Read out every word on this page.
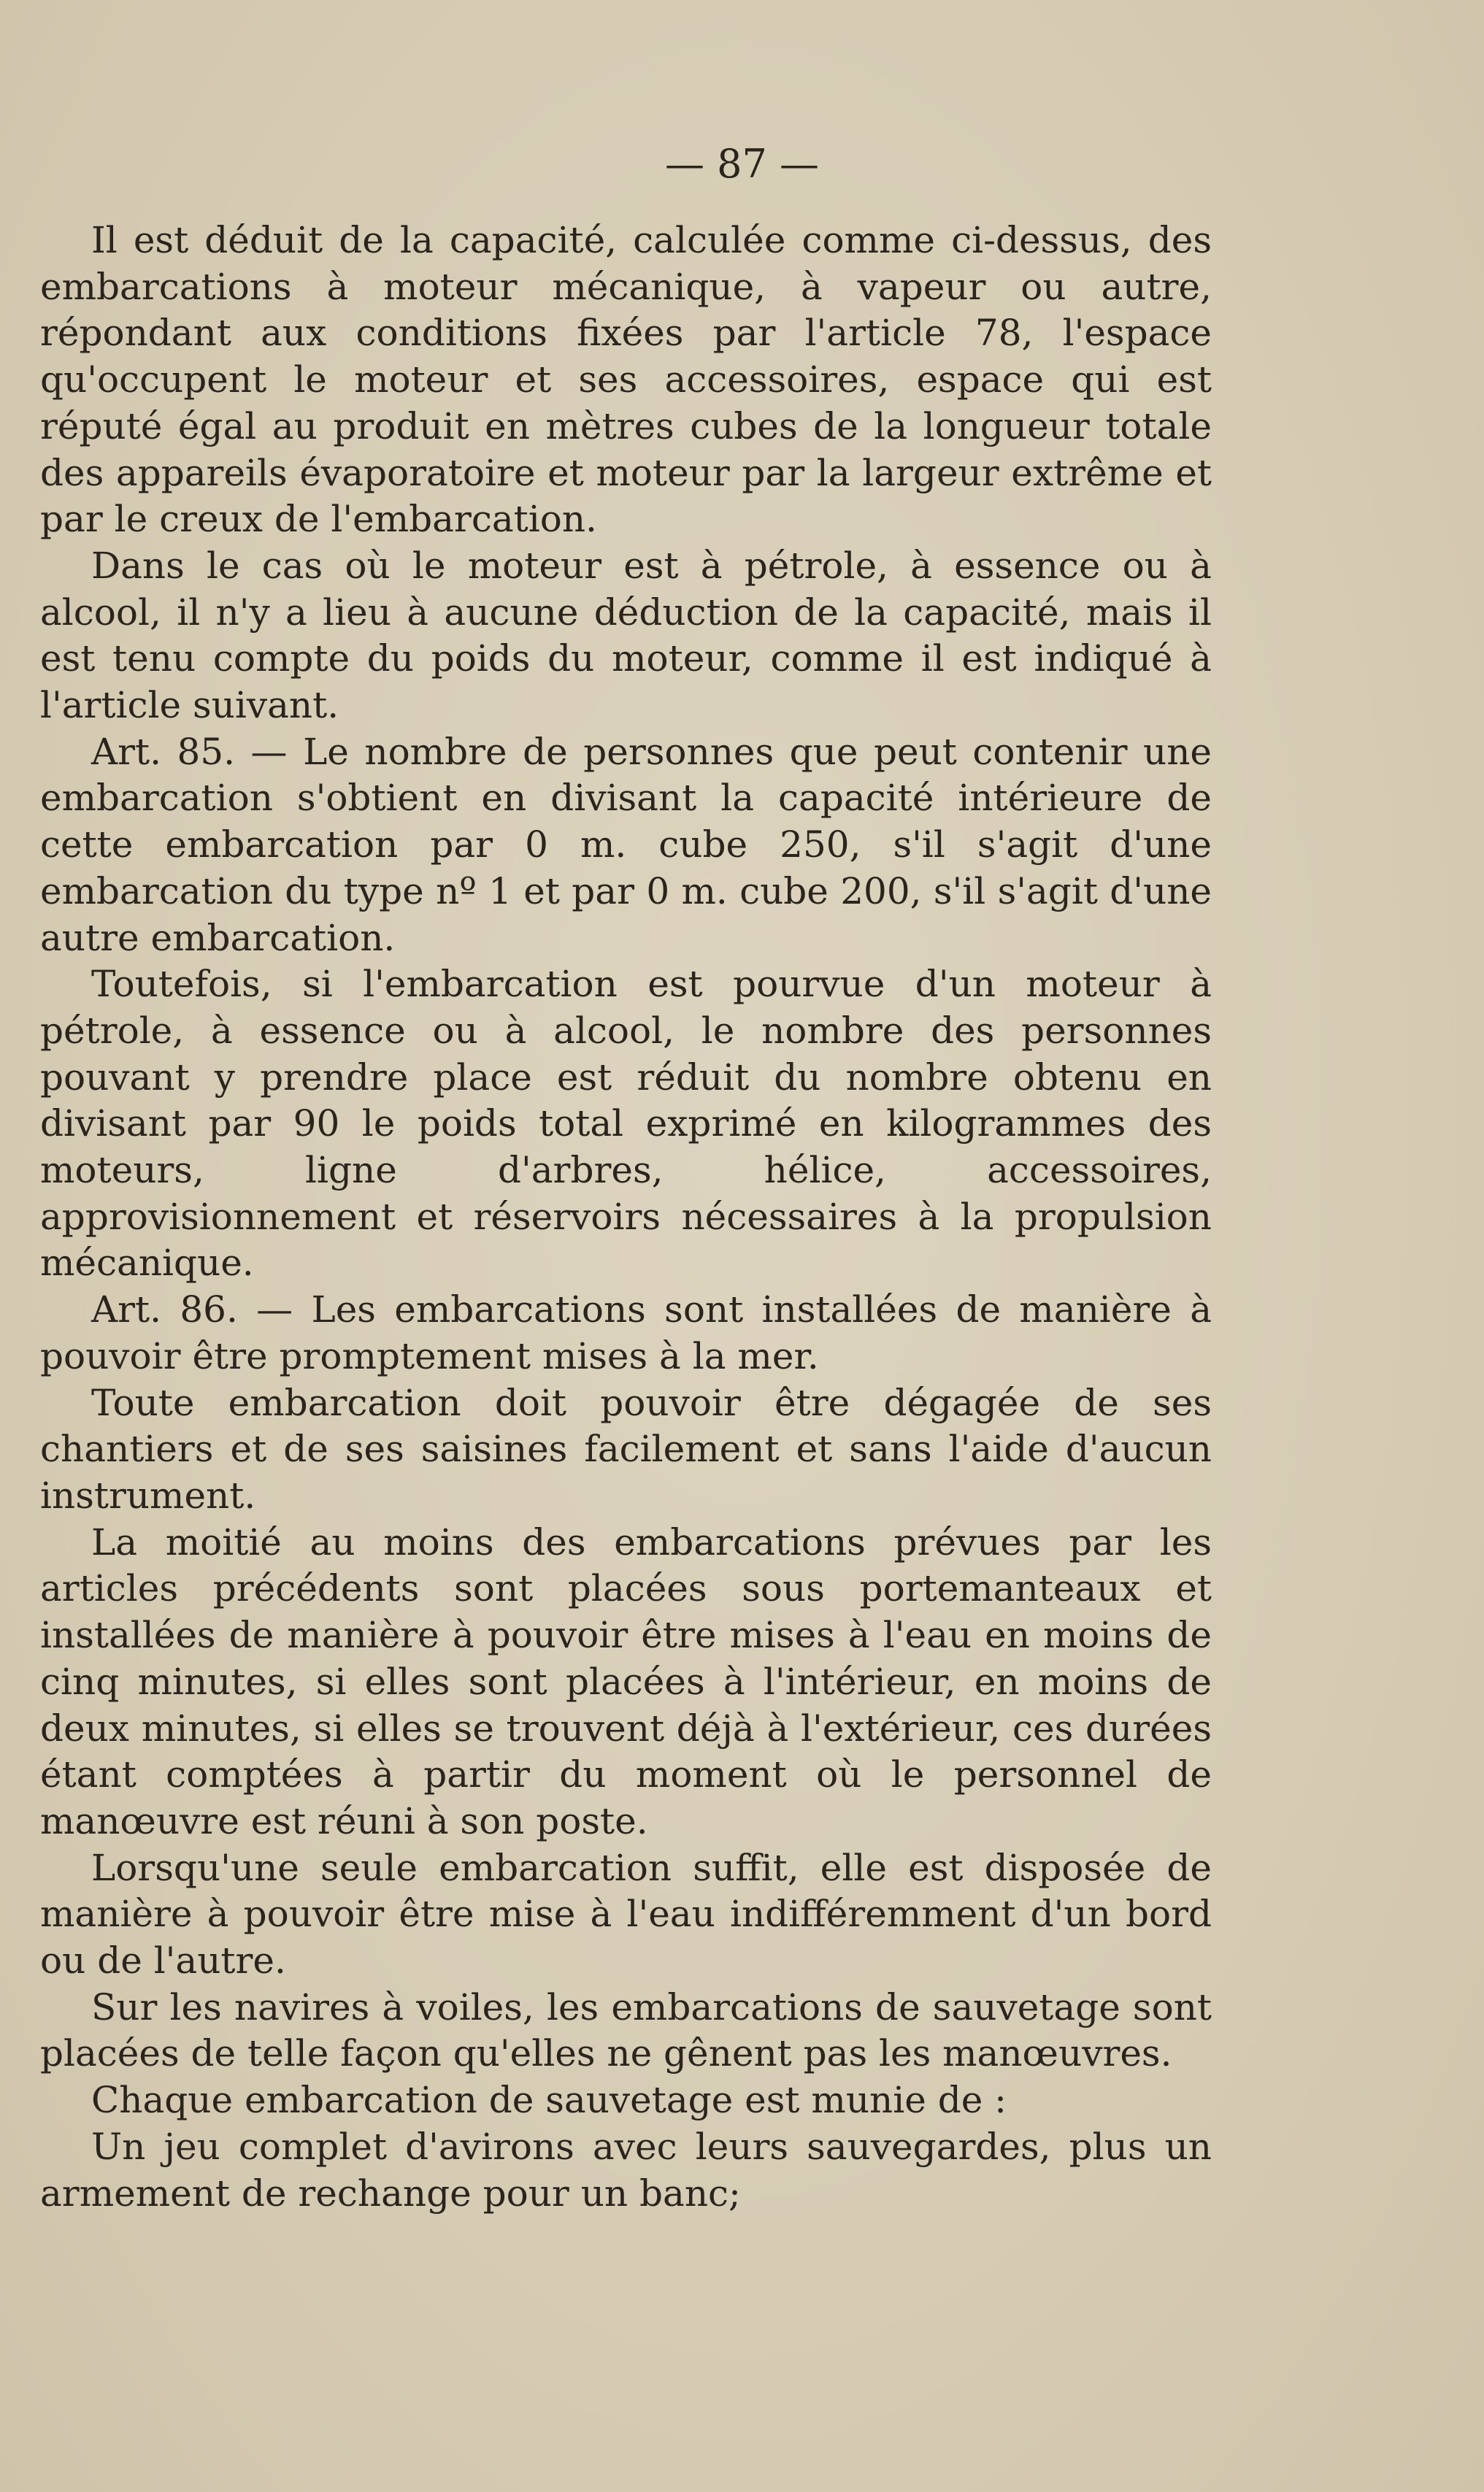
— 87 —

Il est déduit de la capacité, calculée comme ci-dessus, des embarcations à moteur mécanique, à vapeur ou autre, répondant aux conditions fixées par l'article 78, l'espace qu'occupent le moteur et ses accessoires, espace qui est réputé égal au produit en mètres cubes de la longueur totale des appareils évaporatoire et moteur par la largeur extrême et par le creux de l'embarcation.

Dans le cas où le moteur est à pétrole, à essence ou à alcool, il n'y a lieu à aucune déduction de la capacité, mais il est tenu compte du poids du moteur, comme il est indiqué à l'article suivant.

Art. 85. — Le nombre de personnes que peut contenir une embarcation s'obtient en divisant la capacité intérieure de cette embarcation par 0 m. cube 250, s'il s'agit d'une embarcation du type nº 1 et par 0 m. cube 200, s'il s'agit d'une autre embarcation.

Toutefois, si l'embarcation est pourvue d'un moteur à pétrole, à essence ou à alcool, le nombre des personnes pouvant y prendre place est réduit du nombre obtenu en divisant par 90 le poids total exprimé en kilogrammes des moteurs, ligne d'arbres, hélice, accessoires, approvisionnement et réservoirs nécessaires à la propulsion mécanique.

Art. 86. — Les embarcations sont installées de manière à pouvoir être promptement mises à la mer.

Toute embarcation doit pouvoir être dégagée de ses chantiers et de ses saisines facilement et sans l'aide d'aucun instrument.

La moitié au moins des embarcations prévues par les articles précédents sont placées sous portemanteaux et installées de manière à pouvoir être mises à l'eau en moins de cinq minutes, si elles sont placées à l'intérieur, en moins de deux minutes, si elles se trouvent déjà à l'extérieur, ces durées étant comptées à partir du moment où le personnel de manœuvre est réuni à son poste.

Lorsqu'une seule embarcation suffit, elle est disposée de manière à pouvoir être mise à l'eau indifféremment d'un bord ou de l'autre.

Sur les navires à voiles, les embarcations de sauvetage sont placées de telle façon qu'elles ne gênent pas les manœuvres.

Chaque embarcation de sauvetage est munie de :

Un jeu complet d'avirons avec leurs sauvegardes, plus un armement de rechange pour un banc;
